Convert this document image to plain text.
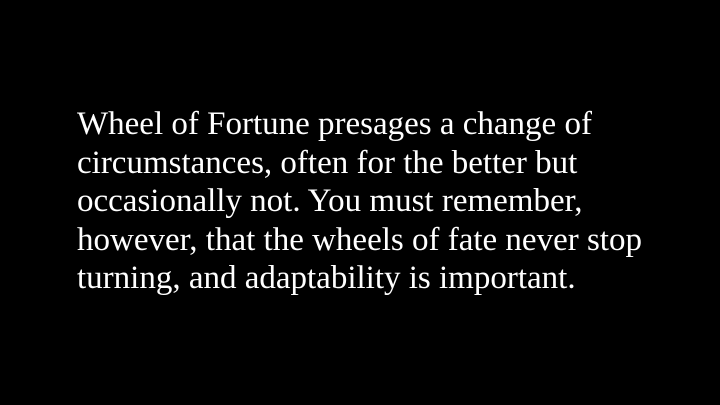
Wheel of Fortune presages a change of
circumstances, often for the better but
occasionally not. You must remember,
however, that the wheels of fate never stop
turning, and adaptability is important.
